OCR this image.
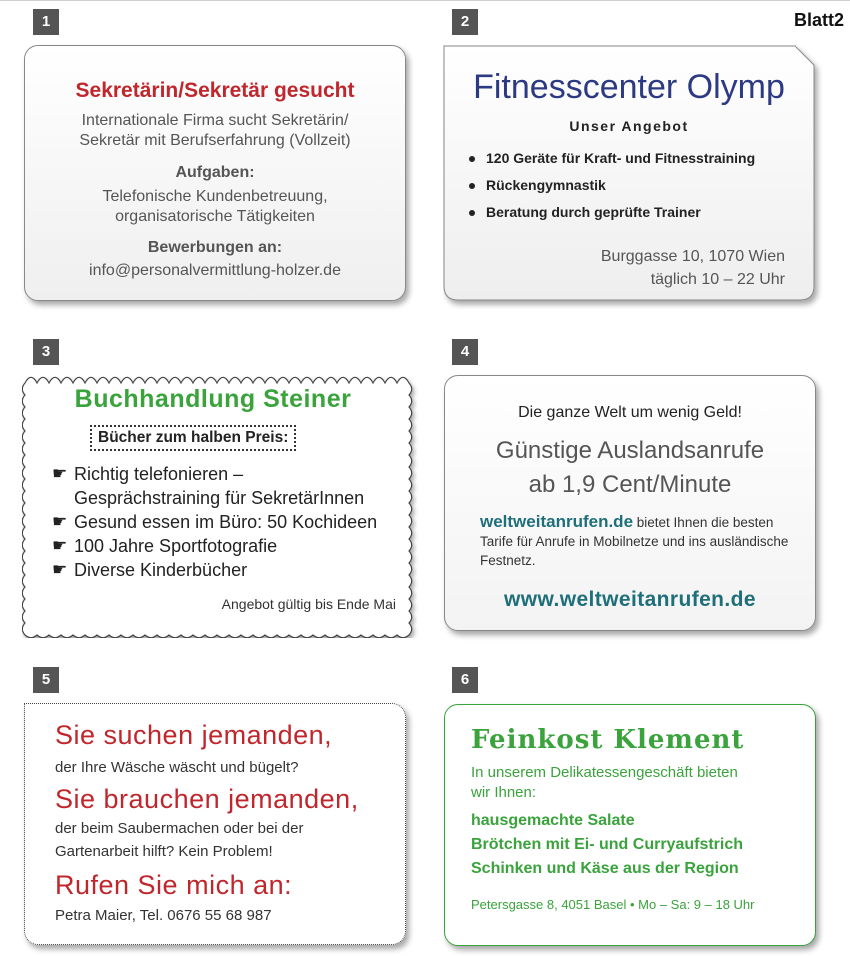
Blatt2
1
Sekretärin/Sekretär gesucht
Internationale Firma sucht Sekretärin/
Sekretär mit Berufserfahrung (Vollzeit)
Aufgaben:
Telefonische Kundenbetreuung,
organisatorische Tätigkeiten
Bewerbungen an:
info@personalvermittlung-holzer.de
2
Fitnesscenter Olymp
Unser Angebot
120 Geräte für Kraft- und Fitnesstraining
Rückengymnastik
Beratung durch geprüfte Trainer
Burggasse 10, 1070 Wien
täglich 10 – 22 Uhr
3
Buchhandlung Steiner
Bücher zum halben Preis:
☛ Richtig telefonieren –
Gesprächstraining für SekretärInnen
☛ Gesund essen im Büro: 50 Kochideen
☛ 100 Jahre Sportfotografie
☛ Diverse Kinderbücher
Angebot gültig bis Ende Mai
4
Die ganze Welt um wenig Geld!
Günstige Auslandsanrufe
ab 1,9 Cent/Minute
weltweitanrufen.de bietet Ihnen die besten Tarife für Anrufe in Mobilnetze und ins ausländische Festnetz.
www.weltweitanrufen.de
5
Sie suchen jemanden,
der Ihre Wäsche wäscht und bügelt?
Sie brauchen jemanden,
der beim Saubermachen oder bei der
Gartenarbeit hilft? Kein Problem!
Rufen Sie mich an:
Petra Maier, Tel. 0676 55 68 987
6
Feinkost Klement
In unserem Delikatessengeschäft bieten
wir Ihnen:
hausgemachte Salate
Brötchen mit Ei- und Curryaufstrich
Schinken und Käse aus der Region
Petersgasse 8, 4051 Basel • Mo – Sa: 9 – 18 Uhr
